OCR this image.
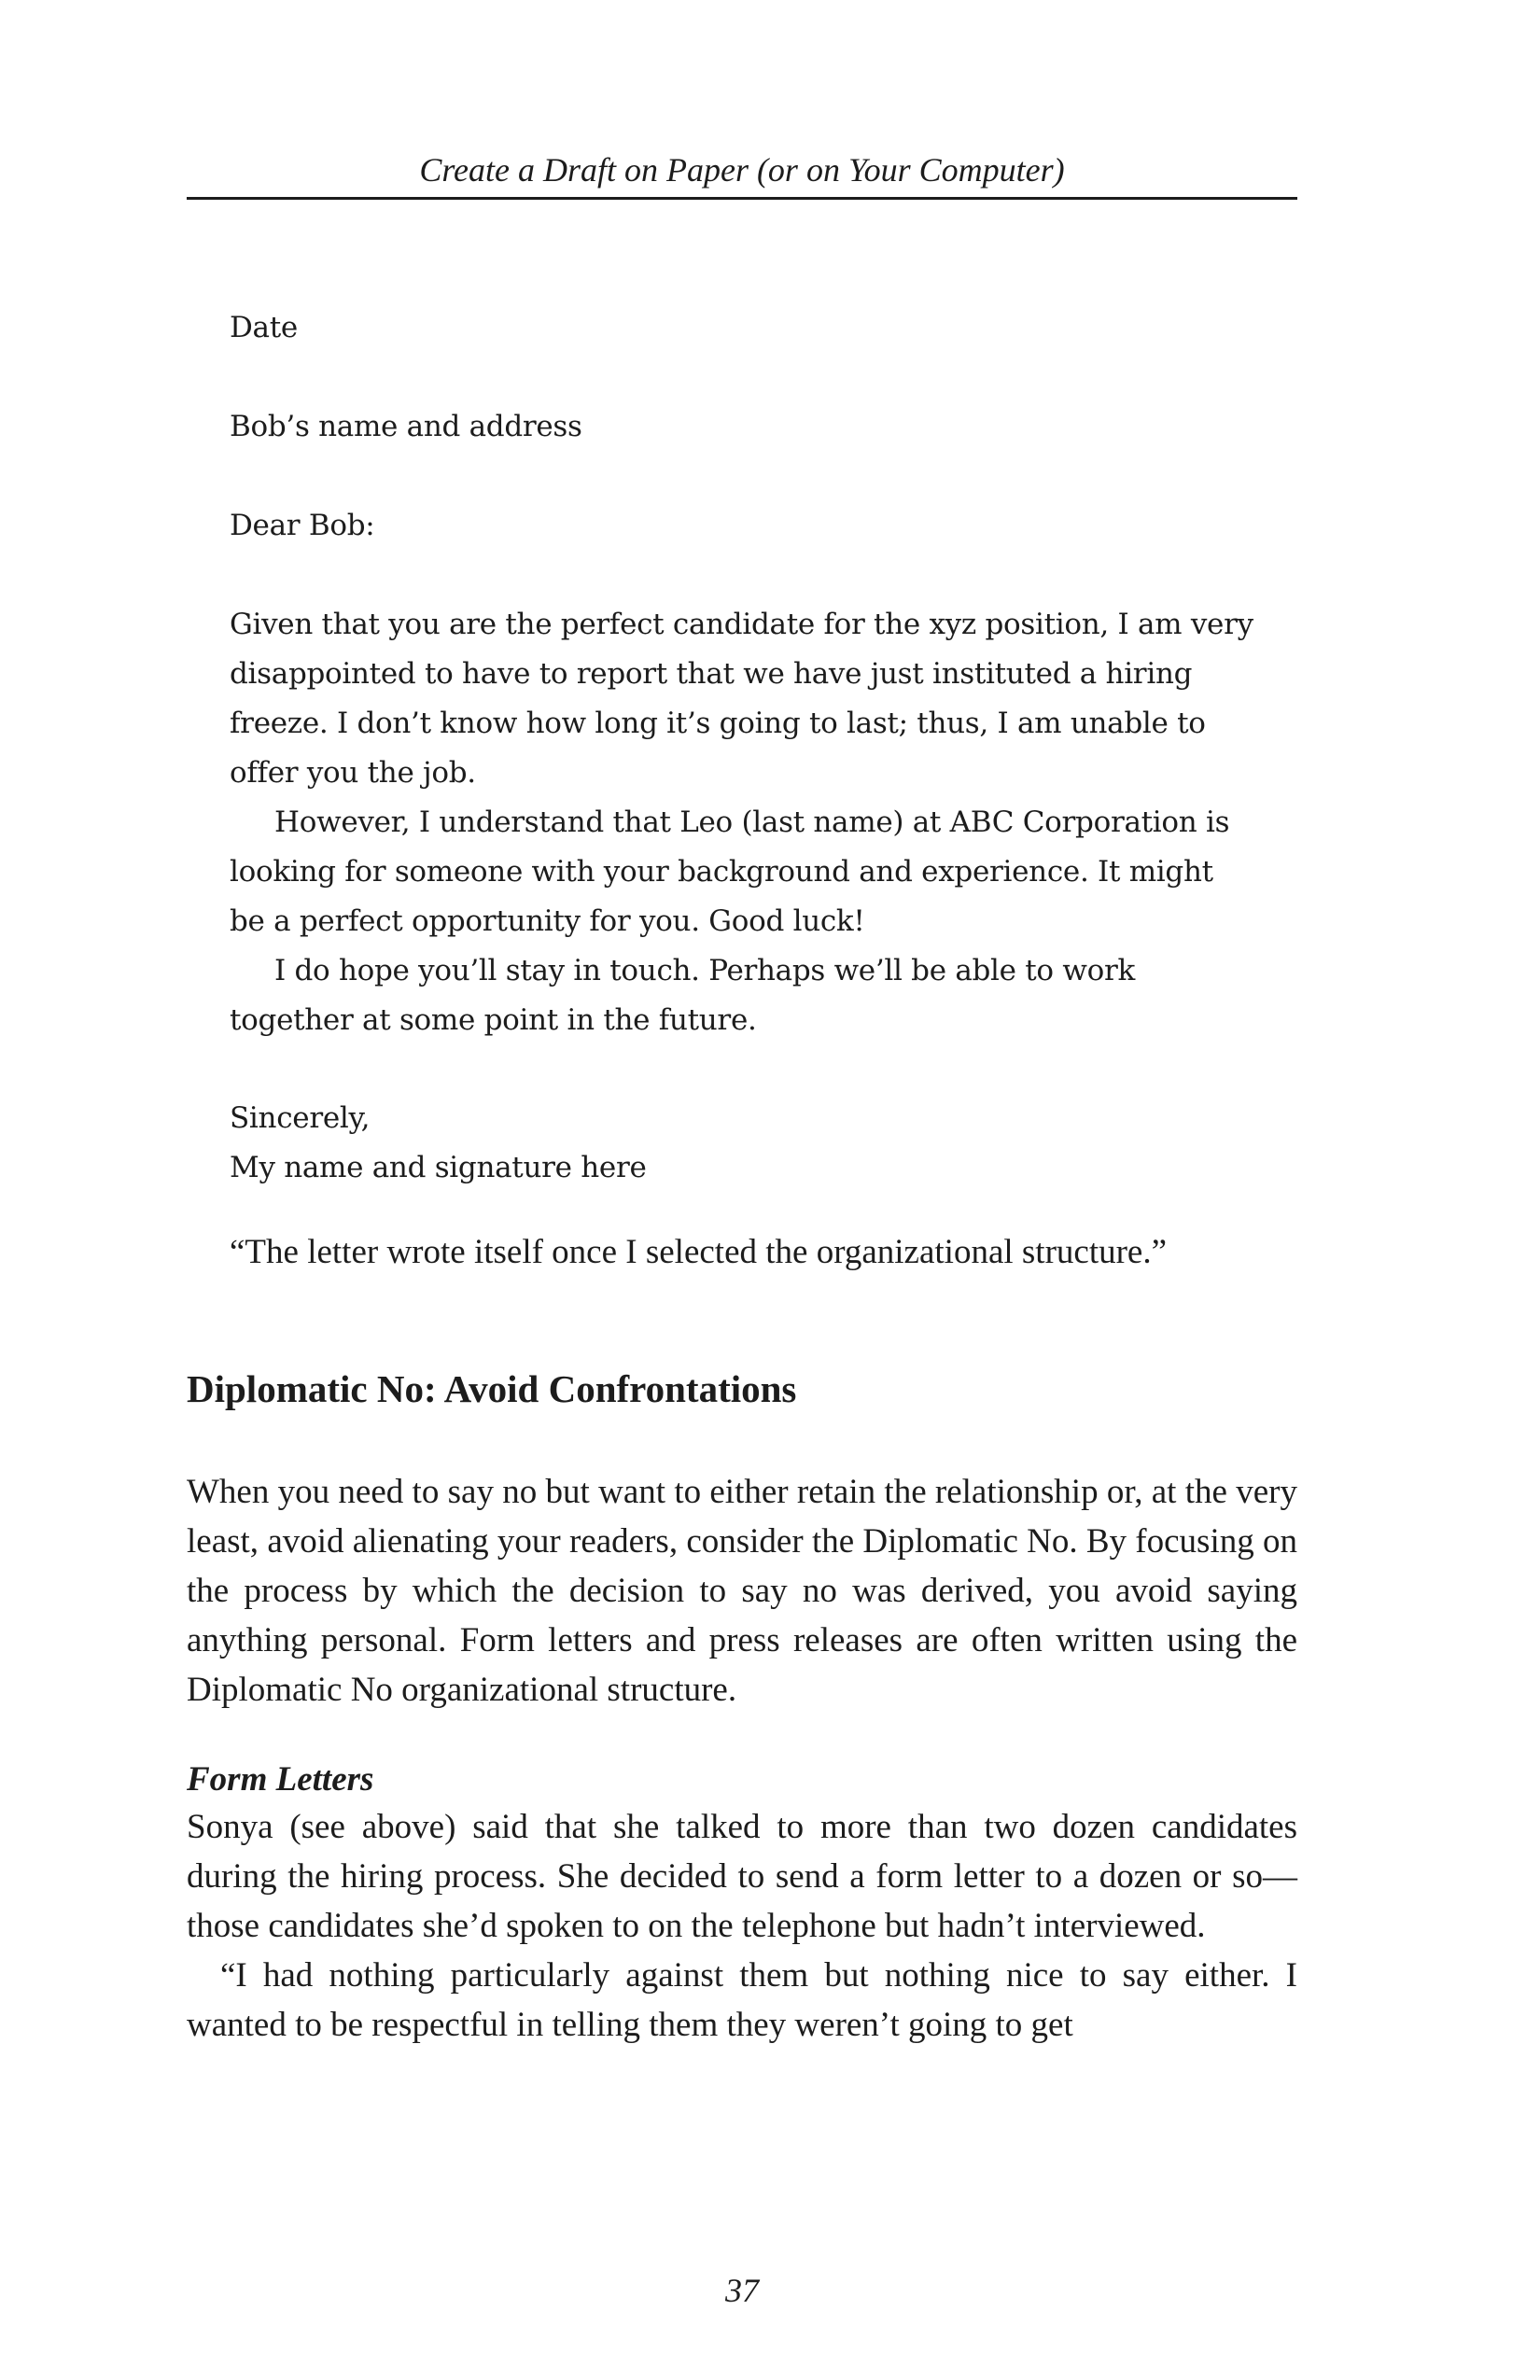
Create a Draft on Paper (or on Your Computer)

Date

Bob’s name and address

Dear Bob:

Given that you are the perfect candidate for the xyz position, I am very disappointed to have to report that we have just instituted a hiring freeze. I don’t know how long it’s going to last; thus, I am unable to offer you the job.

However, I understand that Leo (last name) at ABC Corporation is looking for someone with your background and experience. It might be a perfect opportunity for you. Good luck!

I do hope you’ll stay in touch. Perhaps we’ll be able to work together at some point in the future.

Sincerely,

My name and signature here

“The letter wrote itself once I selected the organizational structure.”
Diplomatic No: Avoid Confrontations

When you need to say no but want to either retain the relationship or, at the very least, avoid alienating your readers, consider the Diplomatic No. By focusing on the process by which the decision to say no was derived, you avoid saying anything personal. Form letters and press releases are often written using the Diplomatic No organizational structure.

Form Letters

Sonya (see above) said that she talked to more than two dozen candidates during the hiring process. She decided to send a form letter to a dozen or so—those candidates she’d spoken to on the telephone but hadn’t interviewed.

“I had nothing particularly against them but nothing nice to say either. I wanted to be respectful in telling them they weren’t going to get

37
